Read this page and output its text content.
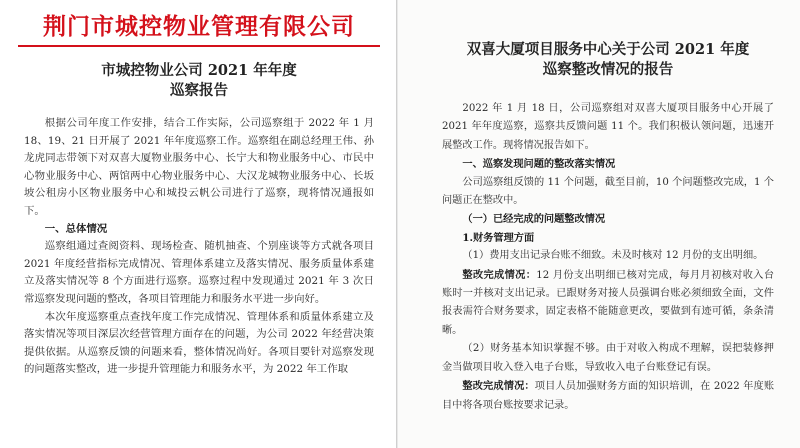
荆门市城控物业管理有限公司
市城控物业公司 2021 年年度
巡察报告

根据公司年度工作安排，结合工作实际，公司巡察组于 2022 年 1 月 18、19、21 日开展了 2021 年年度巡察工作。巡察组在副总经理王伟、孙龙虎同志带领下对双喜大厦物业服务中心、长宁大和物业服务中心、市民中心物业服务中心、两馆两中心物业服务中心、大汉龙城物业服务中心、长坂坡公租房小区物业服务中心和城投云帆公司进行了巡察，现将情况通报如下。

一、总体情况

巡察组通过查阅资料、现场检查、随机抽查、个别座谈等方式就各项目 2021 年度经营指标完成情况、管理体系建立及落实情况、服务质量体系建立及落实情况等 8 个方面进行巡察。巡察过程中发现通过 2021 年 3 次日常巡察发现问题的整改，各项目管理能力和服务水平进一步向好。

本次年度巡察重点查找年度工作完成情况、管理体系和质量体系建立及落实情况等项目深层次经营管理方面存在的问题，为公司 2022 年经营决策提供依据。从巡察反馈的问题来看，整体情况尚好。各项目要针对巡察发现的问题落实整改，进一步提升管理能力和服务水平，为 2022 年工作取

双喜大厦项目服务中心关于公司 2021 年度
巡察整改情况的报告

2022 年 1 月 18 日，公司巡察组对双喜大厦项目服务中心开展了 2021 年年度巡察，巡察共反馈问题 11 个。我们积极认领问题，迅速开展整改工作。现将情况报告如下。

一、巡察发现问题的整改落实情况

公司巡察组反馈的 11 个问题，截至目前，10 个问题整改完成，1 个问题正在整改中。

（一）已经完成的问题整改情况

1.财务管理方面

（1）费用支出记录台账不细致。未及时核对 12 月份的支出明细。

整改完成情况：12 月份支出明细已核对完成，每月月初核对收入台账时一并核对支出记录。已跟财务对接人员强调台账必须细致全面，文件报表需符合财务要求，固定表格不能随意更改，要做到有迹可循，条条清晰。

（2）财务基本知识掌握不够。由于对收入构成不理解，误把装修押金当做项目收入登入电子台账，导致收入电子台账登记有误。

整改完成情况：项目人员加强财务方面的知识培训，在 2022 年度账目中将各项台账按要求记录。
